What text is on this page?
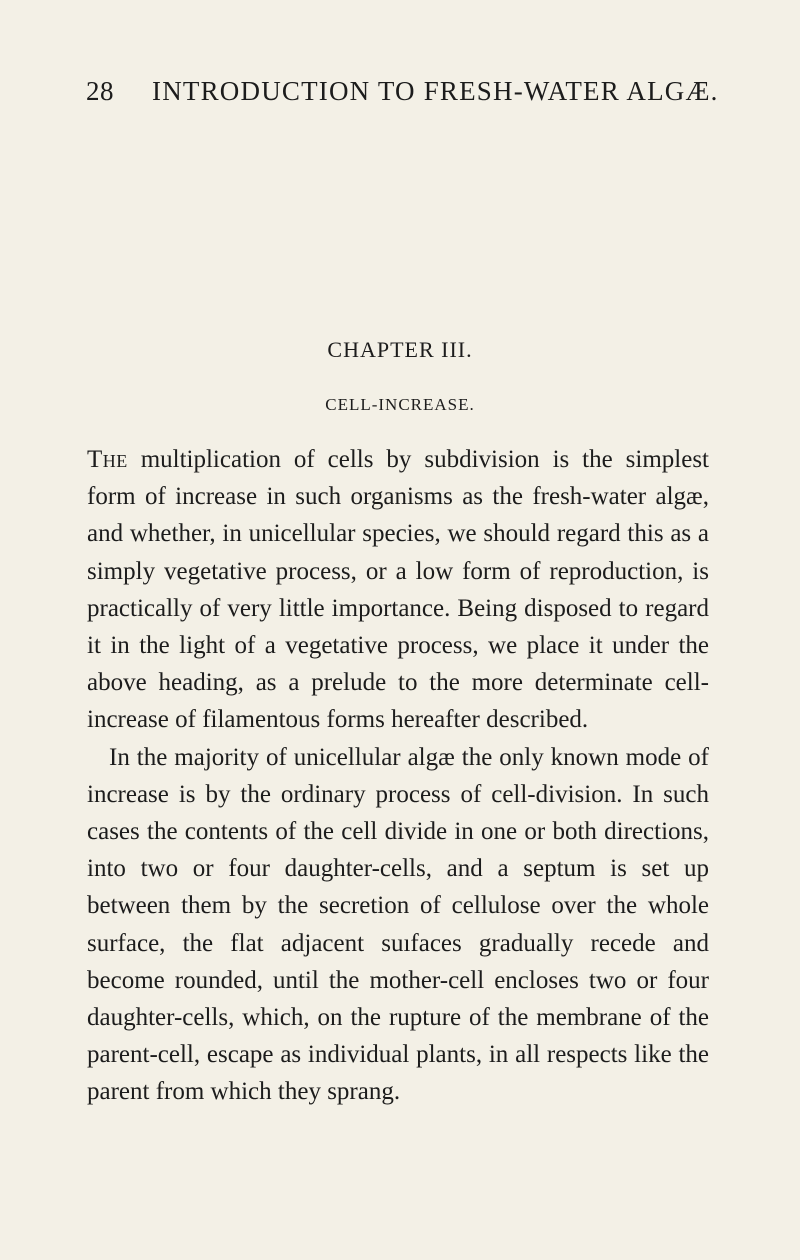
28 INTRODUCTION TO FRESH-WATER ALGÆ.
CHAPTER III.
CELL-INCREASE.

The multiplication of cells by subdivision is the simplest form of increase in such organisms as the fresh-water algæ, and whether, in unicellular species, we should regard this as a simply vegetative process, or a low form of reproduction, is practically of very little importance. Being disposed to regard it in the light of a vegetative process, we place it under the above heading, as a prelude to the more determinate cell-increase of filamentous forms hereafter described.

In the majority of unicellular algæ the only known mode of increase is by the ordinary process of cell-division. In such cases the contents of the cell divide in one or both directions, into two or four daughter-cells, and a septum is set up between them by the secretion of cellulose over the whole surface, the flat adjacent suıfaces gradually recede and become rounded, until the mother-cell encloses two or four daughter-cells, which, on the rupture of the membrane of the parent-cell, escape as individual plants, in all respects like the parent from which they sprang.
